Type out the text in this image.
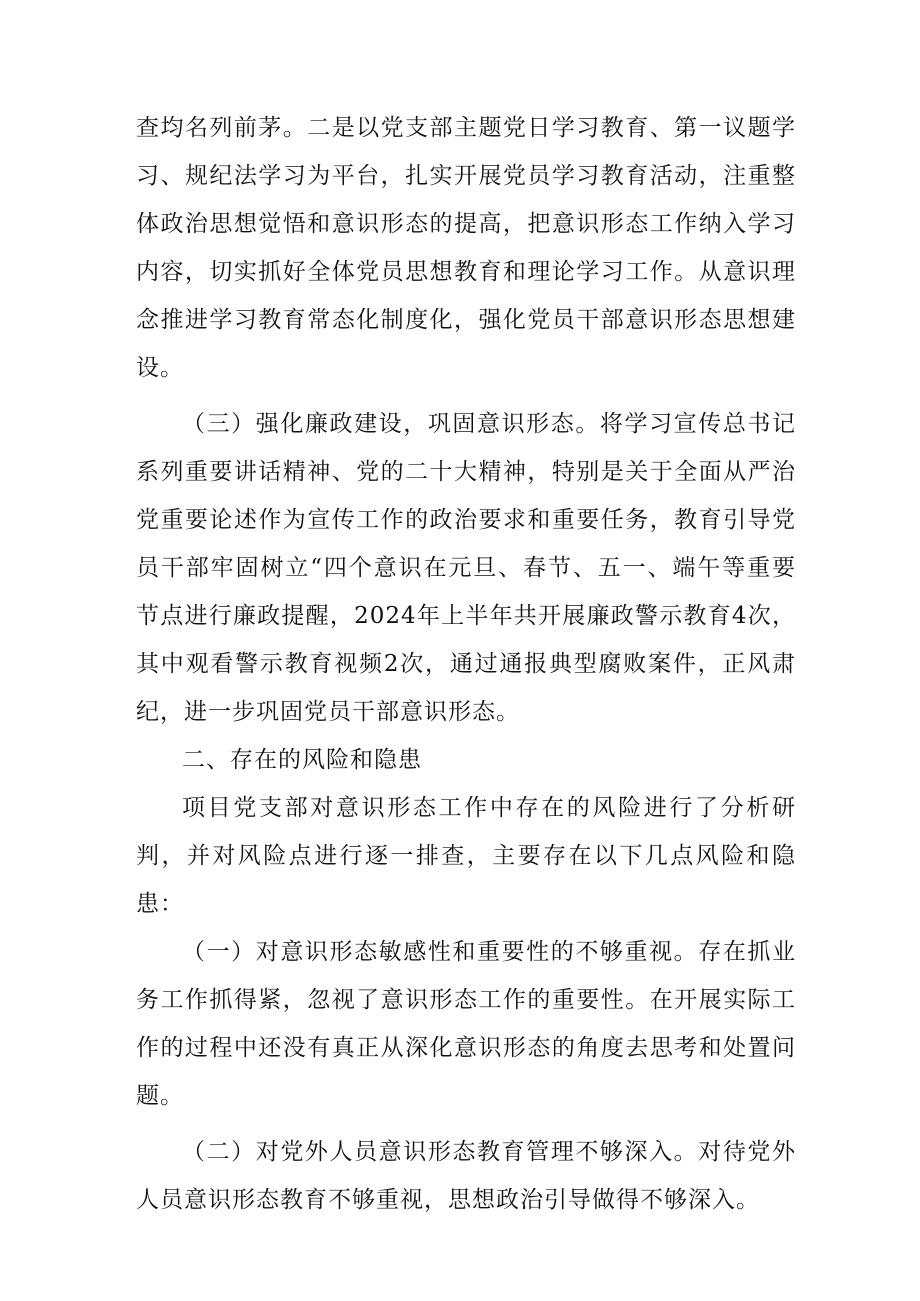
查均名列前茅。二是以党支部主题党日学习教育、第一议题学习、规纪法学习为平台，扎实开展党员学习教育活动，注重整体政治思想觉悟和意识形态的提高，把意识形态工作纳入学习内容，切实抓好全体党员思想教育和理论学习工作。从意识理念推进学习教育常态化制度化，强化党员干部意识形态思想建设。

（三）强化廉政建设，巩固意识形态。将学习宣传总书记系列重要讲话精神、党的二十大精神，特别是关于全面从严治党重要论述作为宣传工作的政治要求和重要任务，教育引导党员干部牢固树立“四个意识在元旦、春节、五一、端午等重要节点进行廉政提醒，2024年上半年共开展廉政警示教育4次，其中观看警示教育视频2次，通过通报典型腐败案件，正风肃纪，进一步巩固党员干部意识形态。

二、存在的风险和隐患

项目党支部对意识形态工作中存在的风险进行了分析研判，并对风险点进行逐一排查，主要存在以下几点风险和隐患：

（一）对意识形态敏感性和重要性的不够重视。存在抓业务工作抓得紧，忽视了意识形态工作的重要性。在开展实际工作的过程中还没有真正从深化意识形态的角度去思考和处置问题。

（二）对党外人员意识形态教育管理不够深入。对待党外人员意识形态教育不够重视，思想政治引导做得不够深入。
